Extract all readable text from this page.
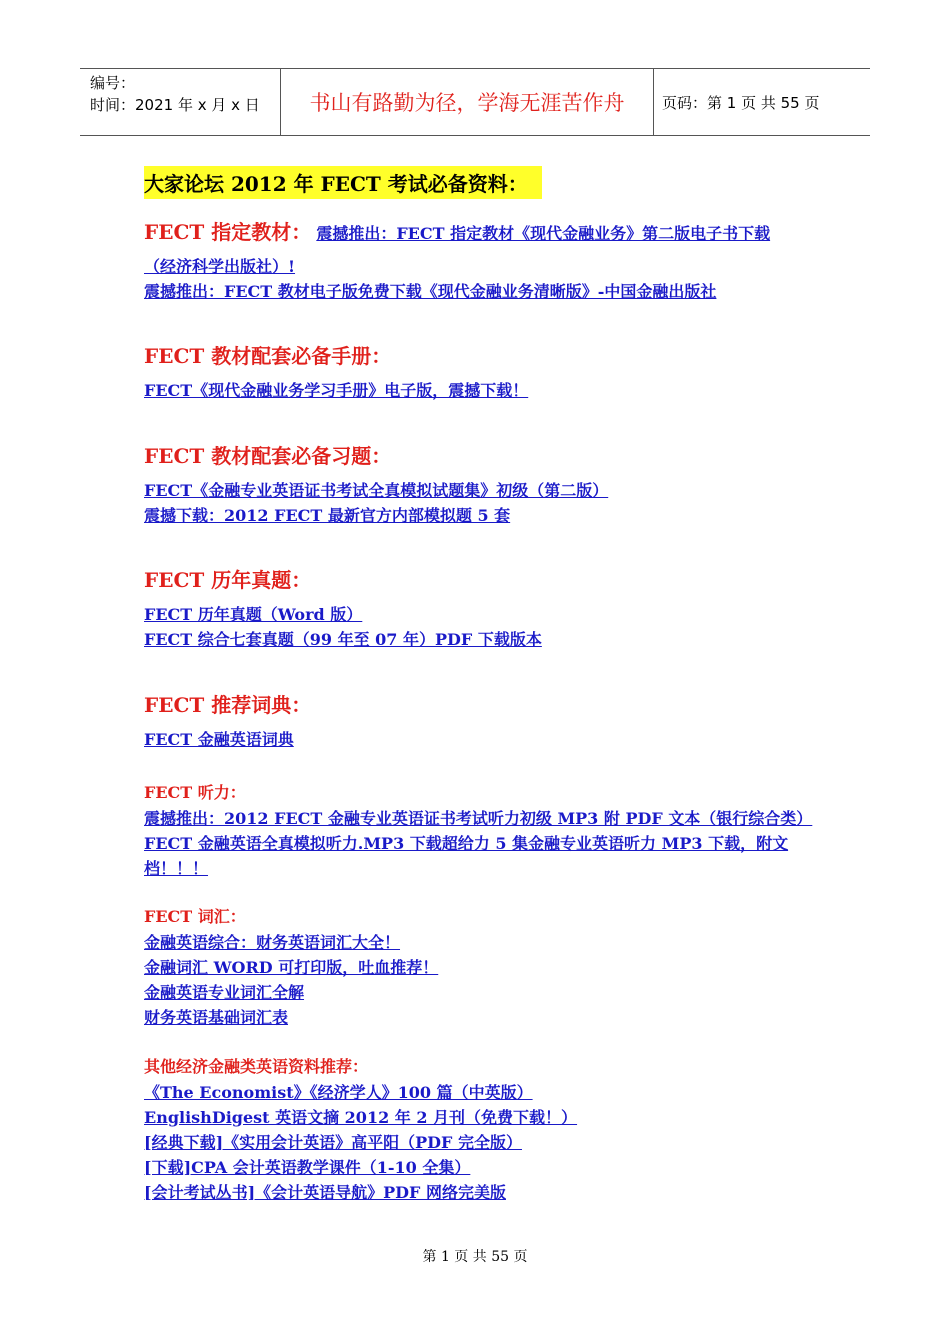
编号：
时间：2021 年 x 月 x 日	书山有路勤为径，学海无涯苦作舟	页码：第 1 页 共 55 页
大家论坛 2012 年 FECT 考试必备资料：
FECT 指定教材： 震撼推出：FECT 指定教材《现代金融业务》第二版电子书下载
（经济科学出版社）!
震撼推出：FECT 教材电子版免费下载《现代金融业务清晰版》-中国金融出版社
FECT 教材配套必备手册：
FECT《现代金融业务学习手册》电子版，震撼下载！
FECT 教材配套必备习题：
FECT《金融专业英语证书考试全真模拟试题集》初级（第二版）
震撼下载：2012 FECT 最新官方内部模拟题 5 套
FECT 历年真题：
FECT 历年真题（Word 版）
FECT 综合七套真题（99 年至 07 年）PDF 下载版本
FECT 推荐词典：
FECT 金融英语词典
FECT 听力：
震撼推出：2012 FECT 金融专业英语证书考试听力初级 MP3 附 PDF 文本（银行综合类）
FECT 金融英语全真模拟听力.MP3 下载超给力 5 集金融专业英语听力 MP3 下载，附文
档！！！
FECT 词汇：
金融英语综合：财务英语词汇大全！
金融词汇 WORD 可打印版，吐血推荐！
金融英语专业词汇全解
财务英语基础词汇表
其他经济金融类英语资料推荐：
《The Economist》《经济学人》100 篇（中英版）
EnglishDigest 英语文摘 2012 年 2 月刊（免费下载！）
[经典下载]《实用会计英语》高平阳（PDF 完全版）
[下载]CPA 会计英语教学课件（1-10 全集）
[会计考试丛书]《会计英语导航》PDF 网络完美版
第 1 页 共 55 页
